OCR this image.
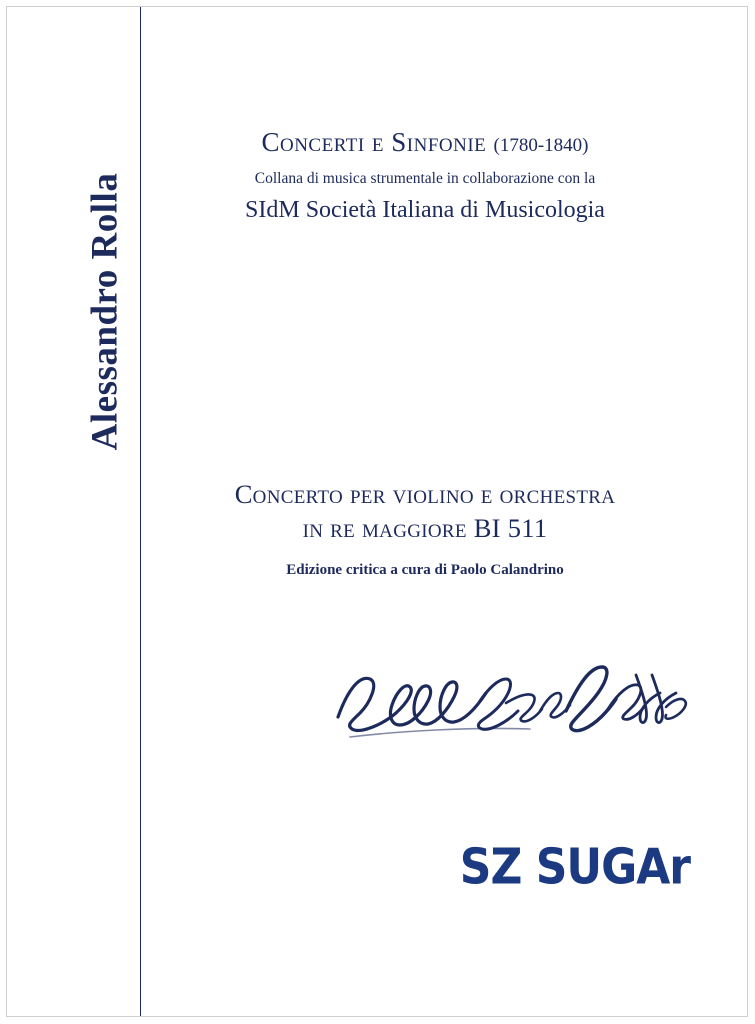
Alessandro Rolla
Concerti e Sinfonie (1780-1840)
Collana di musica strumentale in collaborazione con la
SIdM Società Italiana di Musicologia
Concerto per violino e orchestra
in re maggiore BI 511
Edizione critica a cura di Paolo Calandrino
SZ SUGAr
